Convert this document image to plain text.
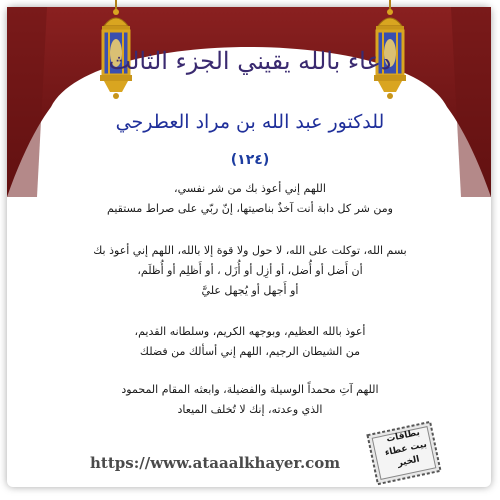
دعاء بالله يقيني الجزء الثالث
للدكتور عبد الله بن مراد العطرجي
(١٢٤)
اللهم إني أعوذ بك من شر نفسي،
ومن شر كل دابة أنت آخذٌ بناصيتها، إنّ ربّي على صراط مستقيم
بسم الله، توكلت على الله، لا حول ولا قوة إلا بالله، اللهم إني أعوذ بك
أن أَضل أو أُضل، أو أزِل أو أُزَل ، أو أَظلِم أو أُظلَم،
أو أَجهل أو يُجهل عليَّ
أعوذ بالله العظيم، وبوجهه الكريم، وسلطانه القديم،
من الشيطان الرجيم، اللهم إني أسألك من فضلك
اللهم آتِ محمداً الوسيلة والفضيلة، وابعثه المقام المحمود
الذي وعدته، إنك لا تُخلف الميعاد
https://www.ataaalkhayer.com
بطاقات
بيت عطاء
الخير
